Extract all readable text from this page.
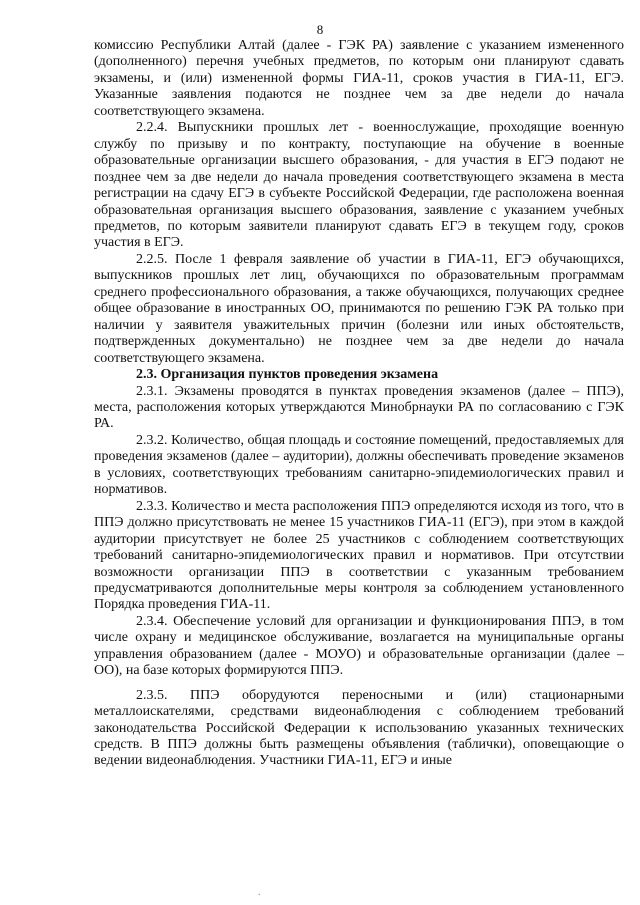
8

комиссию Республики Алтай (далее - ГЭК РА) заявление с указанием измененного (дополненного) перечня учебных предметов, по которым они планируют сдавать экзамены, и (или) измененной формы ГИА-11, сроков участия в ГИА-11, ЕГЭ. Указанные заявления подаются не позднее чем за две недели до начала соответствующего экзамена.

2.2.4. Выпускники прошлых лет - военнослужащие, проходящие военную службу по призыву и по контракту, поступающие на обучение в военные образовательные организации высшего образования, - для участия в ЕГЭ подают не позднее чем за две недели до начала проведения соответствующего экзамена в места регистрации на сдачу ЕГЭ в субъекте Российской Федерации, где расположена военная образовательная организация высшего образования, заявление с указанием учебных предметов, по которым заявители планируют сдавать ЕГЭ в текущем году, сроков участия в ЕГЭ.

2.2.5. После 1 февраля заявление об участии в ГИА-11, ЕГЭ обучающихся, выпускников прошлых лет лиц, обучающихся по образовательным программам среднего профессионального образования, а также обучающихся, получающих среднее общее образование в иностранных ОО, принимаются по решению ГЭК РА только при наличии у заявителя уважительных причин (болезни или иных обстоятельств, подтвержденных документально) не позднее чем за две недели до начала соответствующего экзамена.

2.3. Организация пунктов проведения экзамена

2.3.1. Экзамены проводятся в пунктах проведения экзаменов (далее – ППЭ), места, расположения которых утверждаются Минобрнауки РА по согласованию с ГЭК РА.

2.3.2. Количество, общая площадь и состояние помещений, предоставляемых для проведения экзаменов (далее – аудитории), должны обеспечивать проведение экзаменов в условиях, соответствующих требованиям санитарно-эпидемиологических правил и нормативов.

2.3.3. Количество и места расположения ППЭ определяются исходя из того, что в ППЭ должно присутствовать не менее 15 участников ГИА-11 (ЕГЭ), при этом в каждой аудитории присутствует не более 25 участников с соблюдением соответствующих требований санитарно-эпидемиологических правил и нормативов. При отсутствии возможности организации ППЭ в соответствии с указанным требованием предусматриваются дополнительные меры контроля за соблюдением установленного Порядка проведения ГИА-11.

2.3.4. Обеспечение условий для организации и функционирования ППЭ, в том числе охрану и медицинское обслуживание, возлагается на муниципальные органы управления образованием (далее - МОУО) и образовательные организации (далее – ОО), на базе которых формируются ППЭ.

2.3.5. ППЭ оборудуются переносными и (или) стационарными металлоискателями, средствами видеонаблюдения с соблюдением требований законодательства Российской Федерации к использованию указанных технических средств. В ППЭ должны быть размещены объявления (таблички), оповещающие о ведении видеонаблюдения. Участники ГИА-11, ЕГЭ и иные

.
